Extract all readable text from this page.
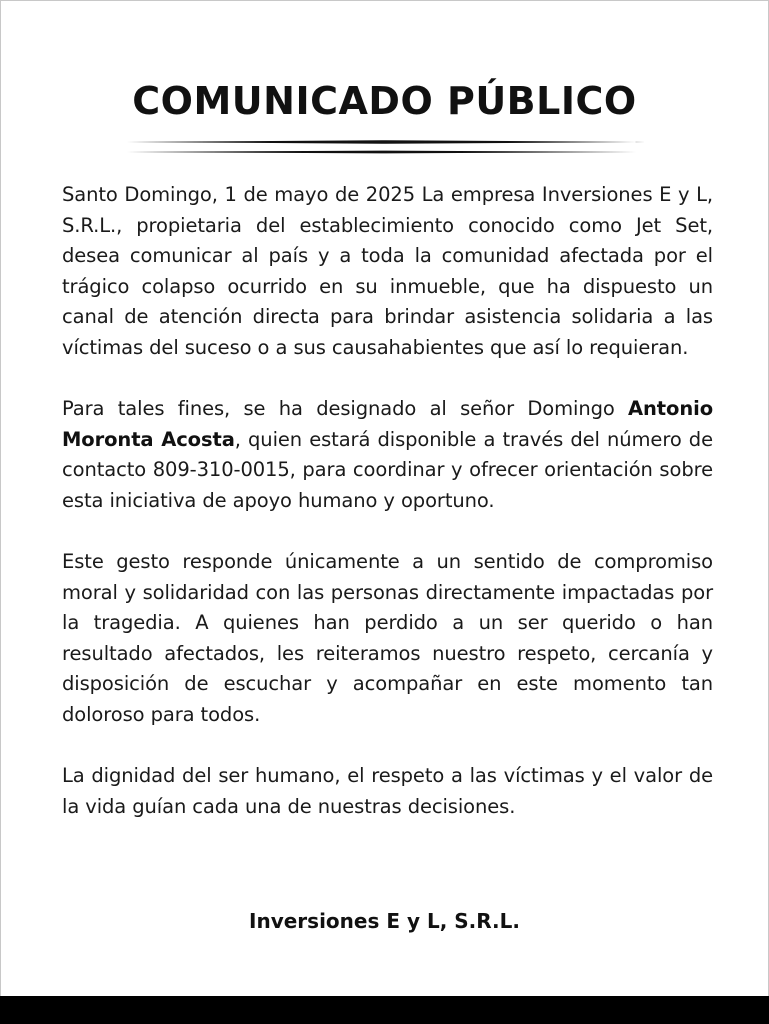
COMUNICADO PÚBLICO

Santo Domingo, 1 de mayo de 2025 La empresa Inversiones E y L, S.R.L., propietaria del establecimiento conocido como Jet Set, desea comunicar al país y a toda la comunidad afectada por el trágico colapso ocurrido en su inmueble, que ha dispuesto un canal de atención directa para brindar asistencia solidaria a las víctimas del suceso o a sus causahabientes que así lo requieran.

Para tales fines, se ha designado al señor Domingo Antonio Moronta Acosta, quien estará disponible a través del número de contacto 809-310-0015, para coordinar y ofrecer orientación sobre esta iniciativa de apoyo humano y oportuno.

Este gesto responde únicamente a un sentido de compromiso moral y solidaridad con las personas directamente impactadas por la tragedia. A quienes han perdido a un ser querido o han resultado afectados, les reiteramos nuestro respeto, cercanía y disposición de escuchar y acompañar en este momento tan doloroso para todos.

La dignidad del ser humano, el respeto a las víctimas y el valor de la vida guían cada una de nuestras decisiones.

Inversiones E y L, S.R.L.
